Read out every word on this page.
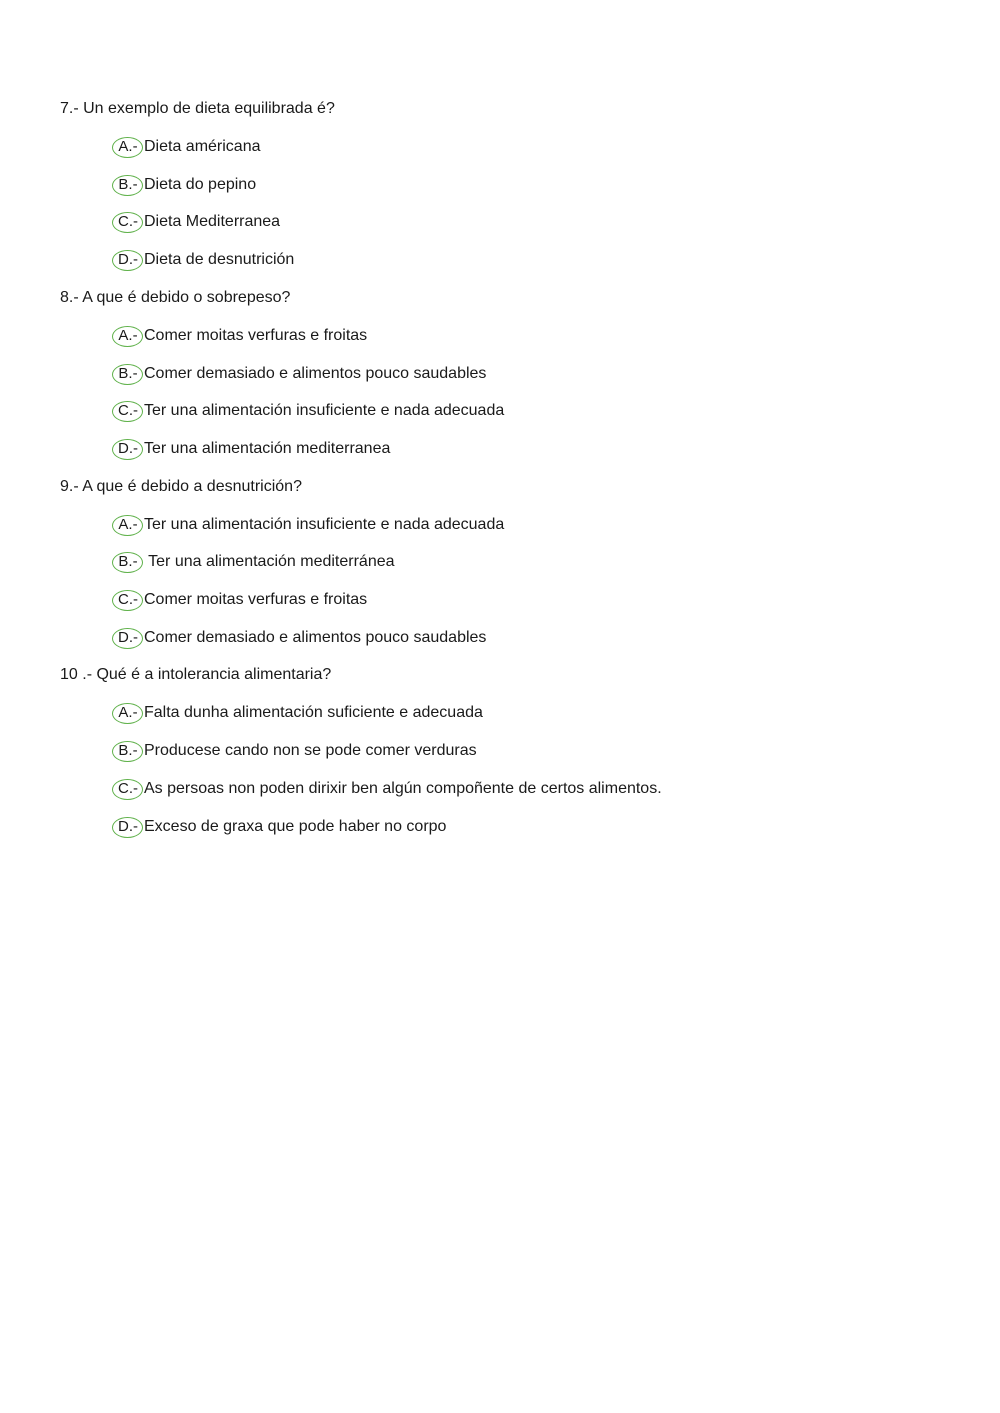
7.- Un exemplo de dieta equilibrada é?
A.- Dieta américana
B.- Dieta do pepino
C.- Dieta Mediterranea
D.- Dieta de desnutrición
8.- A que é debido o sobrepeso?
A.- Comer moitas verfuras e froitas
B.- Comer demasiado e alimentos pouco saudables
C.- Ter una alimentación insuficiente e nada adecuada
D.- Ter una alimentación mediterranea
9.- A que é debido a desnutrición?
A.- Ter una alimentación insuficiente e nada adecuada
B.- Ter una alimentación mediterránea
C.- Comer moitas verfuras e froitas
D.- Comer demasiado e alimentos pouco saudables
10 .- Qué é a intolerancia alimentaria?
A.- Falta dunha alimentación suficiente e adecuada
B.- Producese cando non se pode comer verduras
C.- As persoas non poden dirixir ben algún compoñente de certos alimentos.
D.- Exceso de graxa que pode haber no corpo
